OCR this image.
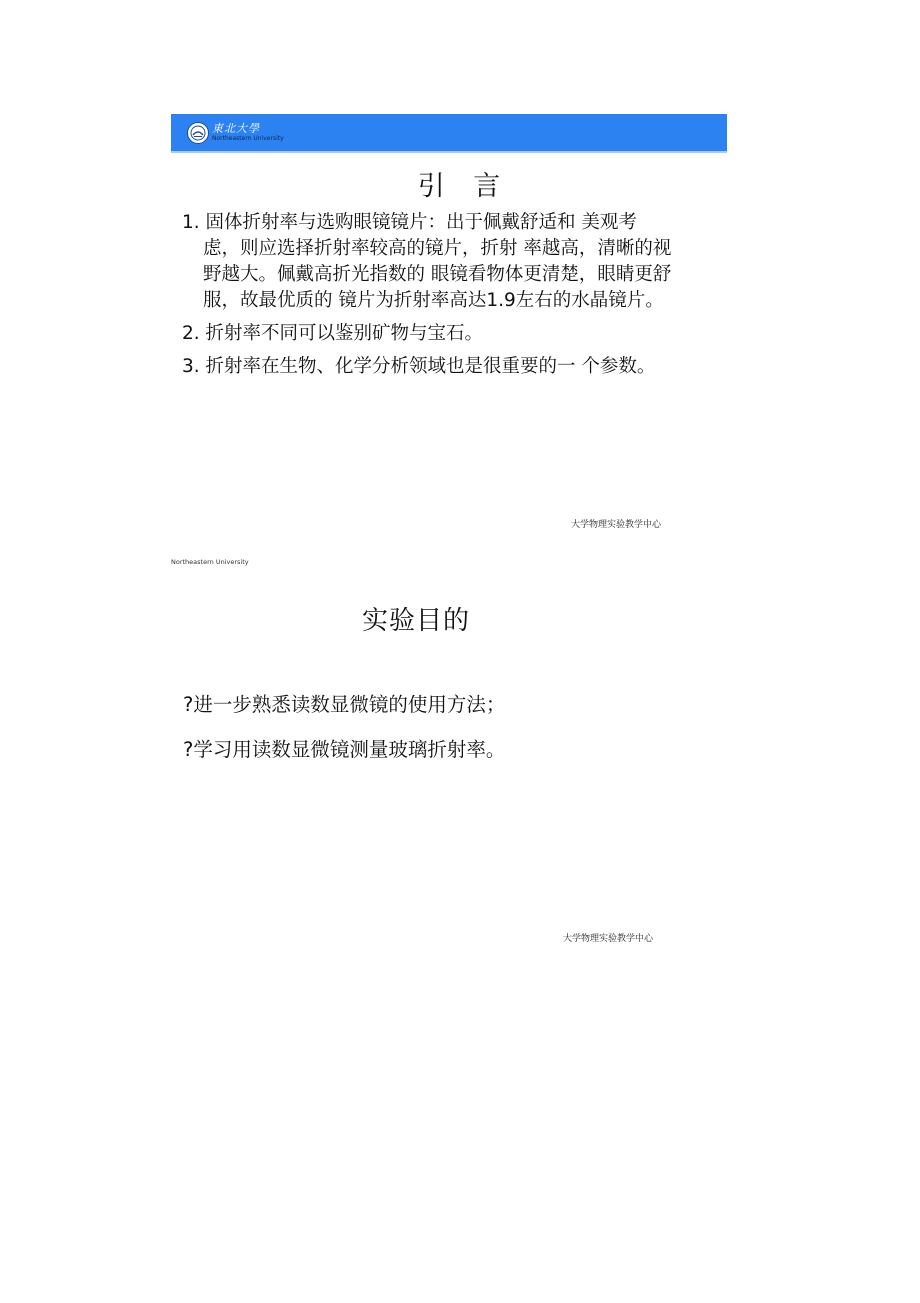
東北大學
Northeastern University
引 言
1. 固体折射率与选购眼镜镜片：出于佩戴舒适和 美观考虑，则应选择折射率较高的镜片，折射 率越高，清晰的视野越大。佩戴高折光指数的 眼镜看物体更清楚，眼睛更舒服，故最优质的 镜片为折射率高达1.9左右的水晶镜片。
2. 折射率不同可以鉴别矿物与宝石。
3. 折射率在生物、化学分析领域也是很重要的一 个参数。
大学物理实验教学中心
Northeastern University
实验目的
?进一步熟悉读数显微镜的使用方法；
?学习用读数显微镜测量玻璃折射率。
大学物理实验教学中心
